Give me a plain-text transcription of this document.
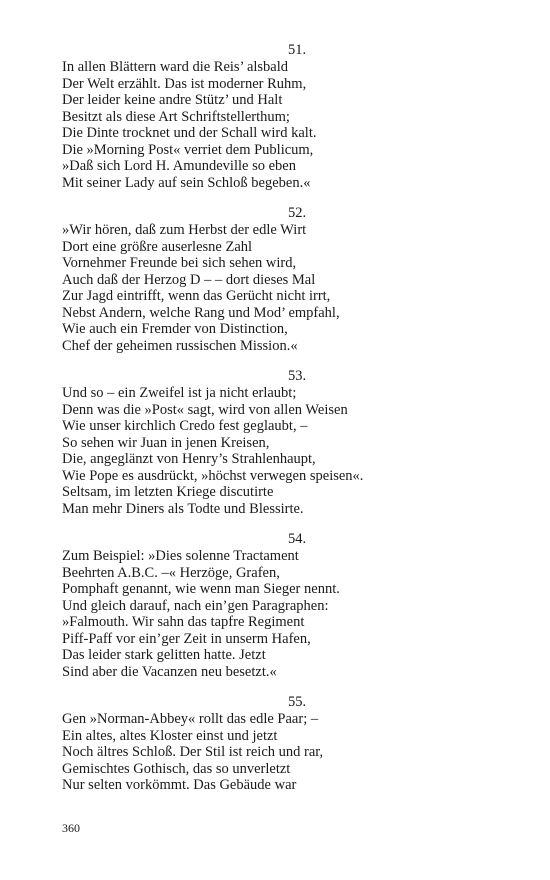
51.
In allen Blättern ward die Reis’ alsbald
Der Welt erzählt. Das ist moderner Ruhm,
Der leider keine andre Stütz’ und Halt
Besitzt als diese Art Schriftstellerthum;
Die Dinte trocknet und der Schall wird kalt.
Die »Morning Post« verriet dem Publicum,
»Daß sich Lord H. Amundeville so eben
Mit seiner Lady auf sein Schloß begeben.«
52.
»Wir hören, daß zum Herbst der edle Wirt
Dort eine größre auserlesne Zahl
Vornehmer Freunde bei sich sehen wird,
Auch daß der Herzog D – – dort dieses Mal
Zur Jagd eintrifft, wenn das Gerücht nicht irrt,
Nebst Andern, welche Rang und Mod’ empfahl,
Wie auch ein Fremder von Distinction,
Chef der geheimen russischen Mission.«
53.
Und so – ein Zweifel ist ja nicht erlaubt;
Denn was die »Post« sagt, wird von allen Weisen
Wie unser kirchlich Credo fest geglaubt, –
So sehen wir Juan in jenen Kreisen,
Die, angeglänzt von Henry’s Strahlenhaupt,
Wie Pope es ausdrückt, »höchst verwegen speisen«.
Seltsam, im letzten Kriege discutirte
Man mehr Diners als Todte und Blessirte.
54.
Zum Beispiel: »Dies solenne Tractament
Beehrten A.B.C. –« Herzöge, Grafen,
Pomphaft genannt, wie wenn man Sieger nennt.
Und gleich darauf, nach ein’gen Paragraphen:
»Falmouth. Wir sahn das tapfre Regiment
Piff-Paff vor ein’ger Zeit in unserm Hafen,
Das leider stark gelitten hatte. Jetzt
Sind aber die Vacanzen neu besetzt.«
55.
Gen »Norman-Abbey« rollt das edle Paar; –
Ein altes, altes Kloster einst und jetzt
Noch ältres Schloß. Der Stil ist reich und rar,
Gemischtes Gothisch, das so unverletzt
Nur selten vorkömmt. Das Gebäude war
360
